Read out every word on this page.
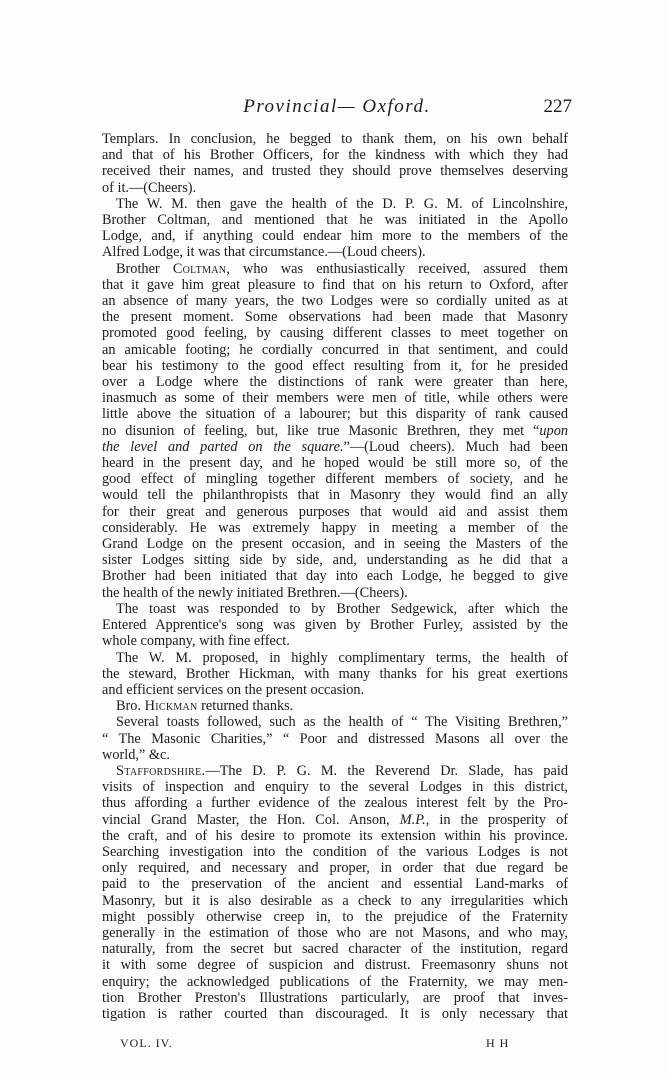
Provincial— Oxford.	227
Templars. In conclusion, he begged to thank them, on his own behalf
and that of his Brother Officers, for the kindness with which they had
received their names, and trusted they should prove themselves deserving
of it.—(Cheers).
The W. M. then gave the health of the D. P. G. M. of Lincolnshire,
Brother Coltman, and mentioned that he was initiated in the Apollo
Lodge, and, if anything could endear him more to the members of the
Alfred Lodge, it was that circumstance.—(Loud cheers).
Brother Coltman, who was enthusiastically received, assured them
that it gave him great pleasure to find that on his return to Oxford, after
an absence of many years, the two Lodges were so cordially united as at
the present moment. Some observations had been made that Masonry
promoted good feeling, by causing different classes to meet together on
an amicable footing; he cordially concurred in that sentiment, and could
bear his testimony to the good effect resulting from it, for he presided
over a Lodge where the distinctions of rank were greater than here,
inasmuch as some of their members were men of title, while others were
little above the situation of a labourer; but this disparity of rank caused
no disunion of feeling, but, like true Masonic Brethren, they met “upon
the level and parted on the square.”—(Loud cheers). Much had been
heard in the present day, and he hoped would be still more so, of the
good effect of mingling together different members of society, and he
would tell the philanthropists that in Masonry they would find an ally
for their great and generous purposes that would aid and assist them
considerably. He was extremely happy in meeting a member of the
Grand Lodge on the present occasion, and in seeing the Masters of the
sister Lodges sitting side by side, and, understanding as he did that a
Brother had been initiated that day into each Lodge, he begged to give
the health of the newly initiated Brethren.—(Cheers).
The toast was responded to by Brother Sedgewick, after which the
Entered Apprentice's song was given by Brother Furley, assisted by the
whole company, with fine effect.
The W. M. proposed, in highly complimentary terms, the health of
the steward, Brother Hickman, with many thanks for his great exertions
and efficient services on the present occasion.
Bro. Hickman returned thanks.
Several toasts followed, such as the health of “ The Visiting Brethren,”
“ The Masonic Charities,” “ Poor and distressed Masons all over the
world,” &c.
Staffordshire.—The D. P. G. M. the Reverend Dr. Slade, has paid
visits of inspection and enquiry to the several Lodges in this district,
thus affording a further evidence of the zealous interest felt by the Pro-
vincial Grand Master, the Hon. Col. Anson, M.P., in the prosperity of
the craft, and of his desire to promote its extension within his province.
Searching investigation into the condition of the various Lodges is not
only required, and necessary and proper, in order that due regard be
paid to the preservation of the ancient and essential Land-marks of
Masonry, but it is also desirable as a check to any irregularities which
might possibly otherwise creep in, to the prejudice of the Fraternity
generally in the estimation of those who are not Masons, and who may,
naturally, from the secret but sacred character of the institution, regard
it with some degree of suspicion and distrust. Freemasonry shuns not
enquiry; the acknowledged publications of the Fraternity, we may men-
tion Brother Preston's Illustrations particularly, are proof that inves-
tigation is rather courted than discouraged. It is only necessary that
VOL. IV.	H H
